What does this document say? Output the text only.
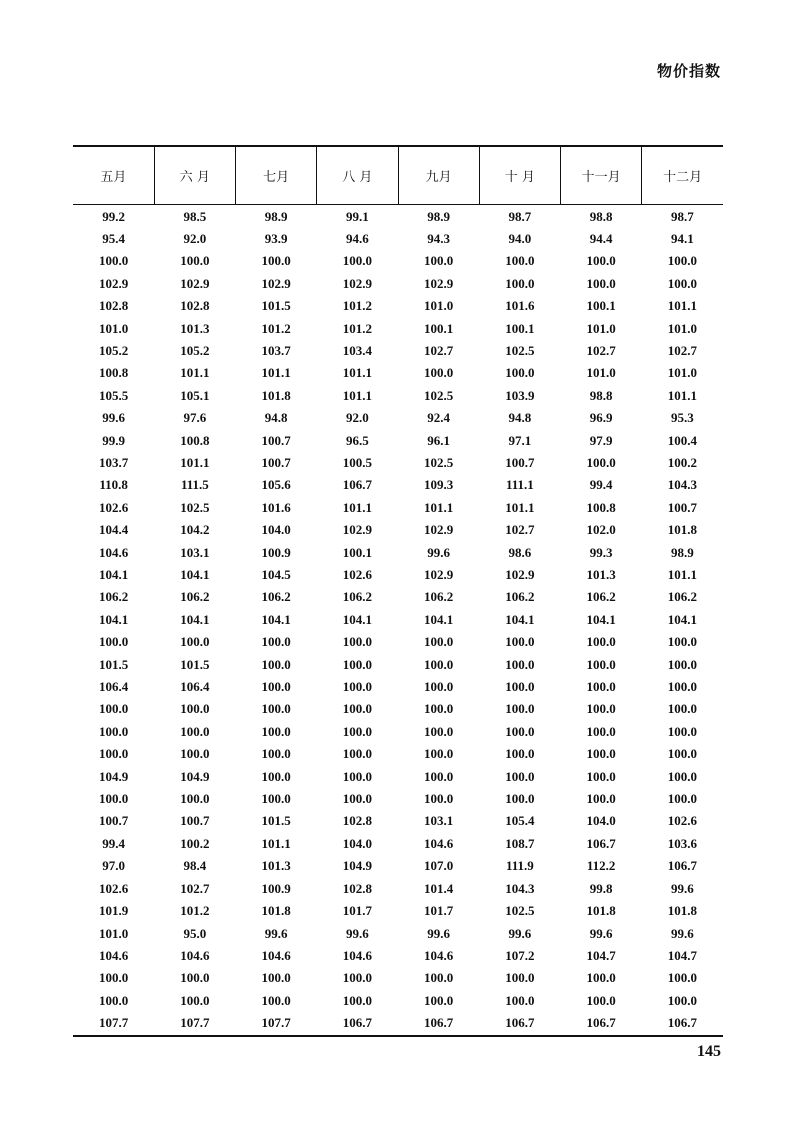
物价指数
五月	六 月	七月	八 月	九月	十 月	十一月	十二月
99.2	98.5	98.9	99.1	98.9	98.7	98.8	98.7
95.4	92.0	93.9	94.6	94.3	94.0	94.4	94.1
100.0	100.0	100.0	100.0	100.0	100.0	100.0	100.0
102.9	102.9	102.9	102.9	102.9	100.0	100.0	100.0
102.8	102.8	101.5	101.2	101.0	101.6	100.1	101.1
101.0	101.3	101.2	101.2	100.1	100.1	101.0	101.0
105.2	105.2	103.7	103.4	102.7	102.5	102.7	102.7
100.8	101.1	101.1	101.1	100.0	100.0	101.0	101.0
105.5	105.1	101.8	101.1	102.5	103.9	98.8	101.1
99.6	97.6	94.8	92.0	92.4	94.8	96.9	95.3
99.9	100.8	100.7	96.5	96.1	97.1	97.9	100.4
103.7	101.1	100.7	100.5	102.5	100.7	100.0	100.2
110.8	111.5	105.6	106.7	109.3	111.1	99.4	104.3
102.6	102.5	101.6	101.1	101.1	101.1	100.8	100.7
104.4	104.2	104.0	102.9	102.9	102.7	102.0	101.8
104.6	103.1	100.9	100.1	99.6	98.6	99.3	98.9
104.1	104.1	104.5	102.6	102.9	102.9	101.3	101.1
106.2	106.2	106.2	106.2	106.2	106.2	106.2	106.2
104.1	104.1	104.1	104.1	104.1	104.1	104.1	104.1
100.0	100.0	100.0	100.0	100.0	100.0	100.0	100.0
101.5	101.5	100.0	100.0	100.0	100.0	100.0	100.0
106.4	106.4	100.0	100.0	100.0	100.0	100.0	100.0
100.0	100.0	100.0	100.0	100.0	100.0	100.0	100.0
100.0	100.0	100.0	100.0	100.0	100.0	100.0	100.0
100.0	100.0	100.0	100.0	100.0	100.0	100.0	100.0
104.9	104.9	100.0	100.0	100.0	100.0	100.0	100.0
100.0	100.0	100.0	100.0	100.0	100.0	100.0	100.0
100.7	100.7	101.5	102.8	103.1	105.4	104.0	102.6
99.4	100.2	101.1	104.0	104.6	108.7	106.7	103.6
97.0	98.4	101.3	104.9	107.0	111.9	112.2	106.7
102.6	102.7	100.9	102.8	101.4	104.3	99.8	99.6
101.9	101.2	101.8	101.7	101.7	102.5	101.8	101.8
101.0	95.0	99.6	99.6	99.6	99.6	99.6	99.6
104.6	104.6	104.6	104.6	104.6	107.2	104.7	104.7
100.0	100.0	100.0	100.0	100.0	100.0	100.0	100.0
100.0	100.0	100.0	100.0	100.0	100.0	100.0	100.0
107.7	107.7	107.7	106.7	106.7	106.7	106.7	106.7
145
